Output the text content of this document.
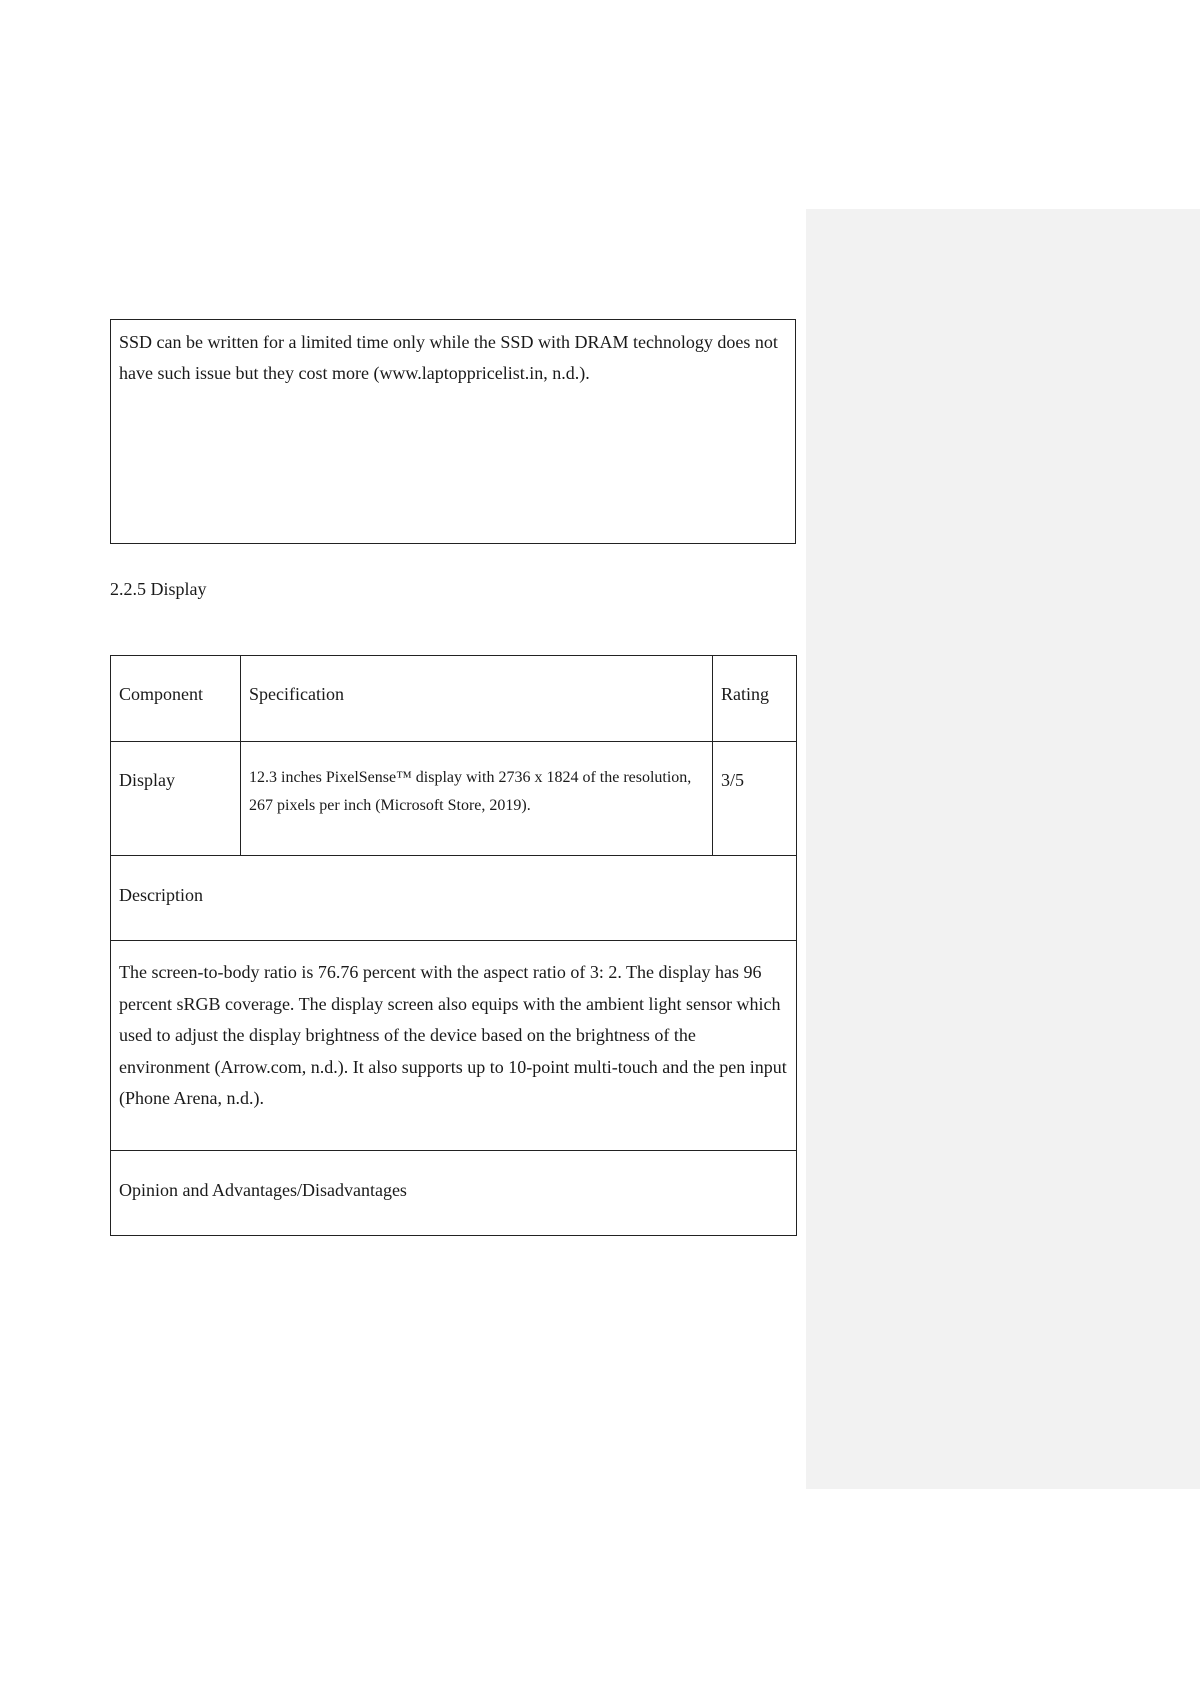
SSD can be written for a limited time only while the SSD with DRAM technology does not have such issue but they cost more (www.laptoppricelist.in, n.d.).

2.2.5 Display
Component	Specification	Rating
Display	12.3 inches PixelSense™ display with 2736 x 1824 of the resolution, 267 pixels per inch (Microsoft Store, 2019).	3/5
Description		
The screen-to-body ratio is 76.76 percent with the aspect ratio of 3: 2. The display has 96 percent sRGB coverage. The display screen also equips with the ambient light sensor which used to adjust the display brightness of the device based on the brightness of the environment (Arrow.com, n.d.). It also supports up to 10-point multi-touch and the pen input (Phone Arena, n.d.).		
Opinion and Advantages/Disadvantages		
